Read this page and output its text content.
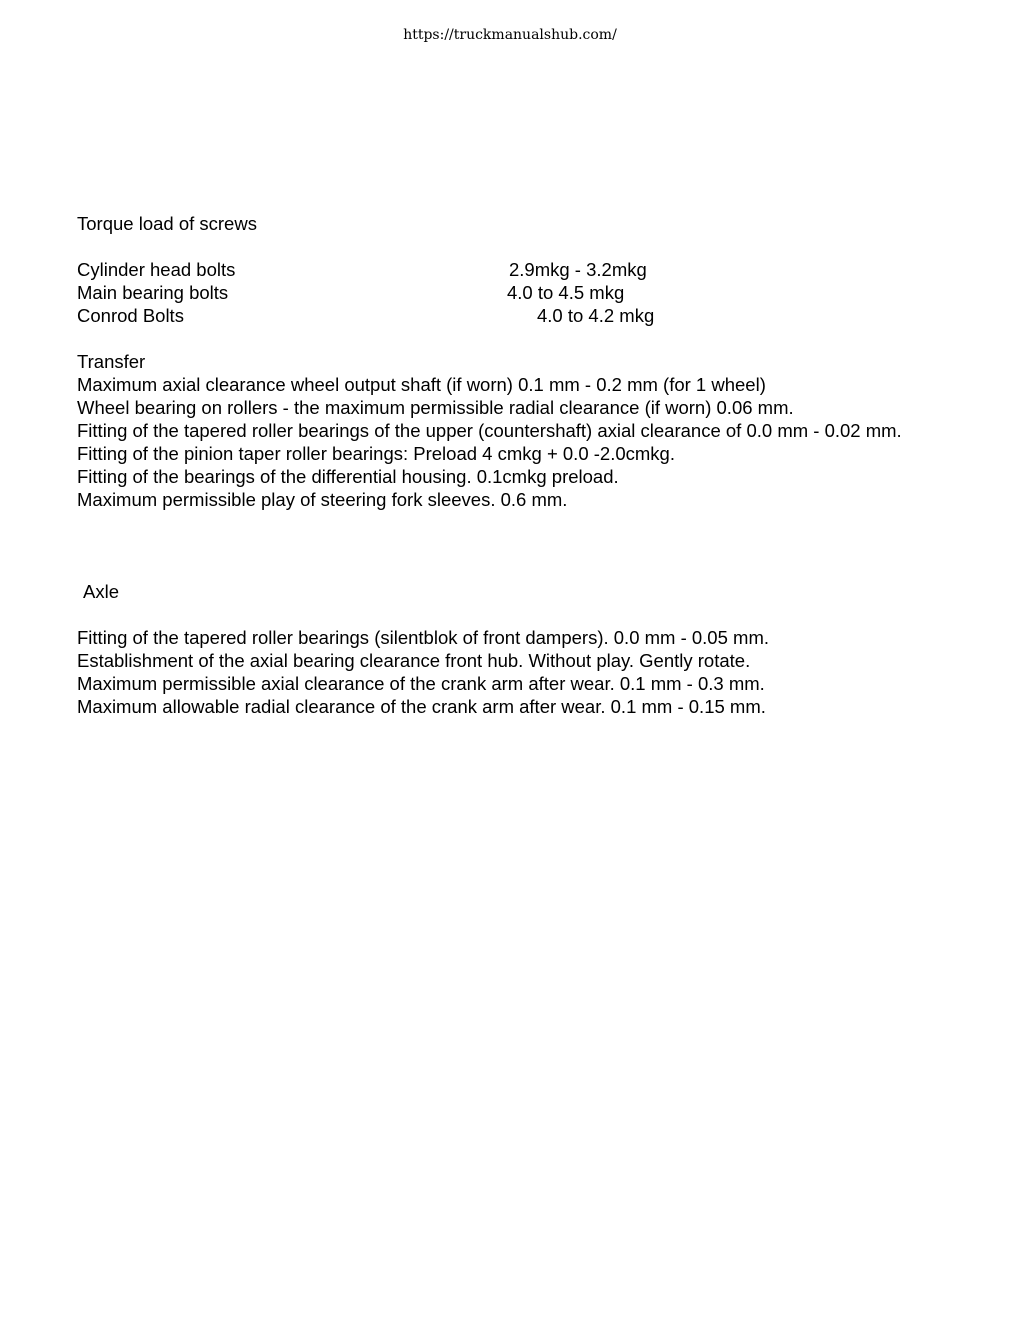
https://truckmanualshub.com/
Torque load of screws
Cylinder head bolts	2.9mkg - 3.2mkg
Main bearing bolts	4.0 to 4.5 mkg
Conrod Bolts	4.0 to 4.2 mkg
Transfer
Maximum axial clearance wheel output shaft (if worn) 0.1 mm - 0.2 mm (for 1 wheel)
Wheel bearing on rollers - the maximum permissible radial clearance (if worn) 0.06 mm.
Fitting of the tapered roller bearings of the upper (countershaft) axial clearance of 0.0 mm - 0.02 mm.
Fitting of the pinion taper roller bearings: Preload 4 cmkg + 0.0 -2.0cmkg.
Fitting of the bearings of the differential housing. 0.1cmkg preload.
Maximum permissible play of steering fork sleeves. 0.6 mm.
Axle
Fitting of the tapered roller bearings (silentblok of front dampers). 0.0 mm - 0.05 mm.
Establishment of the axial bearing clearance front hub. Without play. Gently rotate.
Maximum permissible axial clearance of the crank arm after wear. 0.1 mm - 0.3 mm.
Maximum allowable radial clearance of the crank arm after wear. 0.1 mm - 0.15 mm.
